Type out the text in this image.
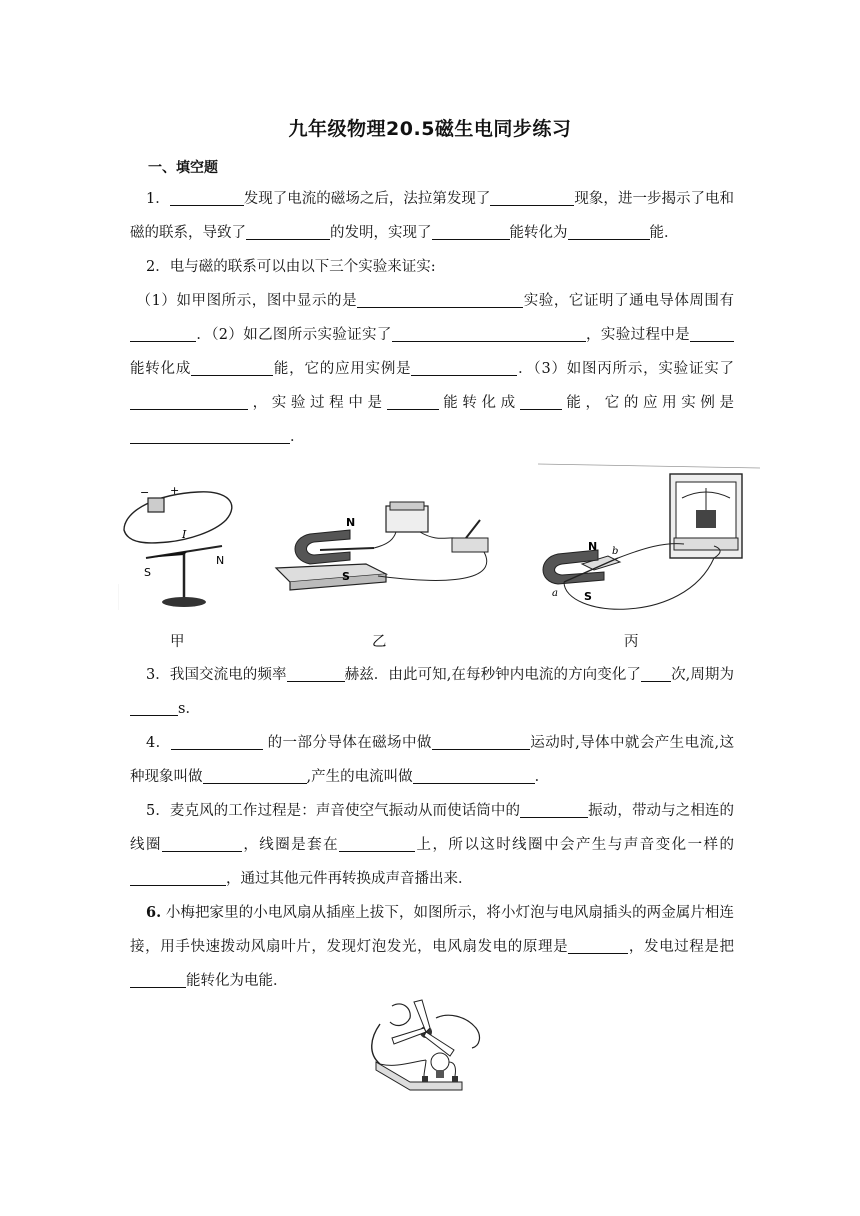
九年级物理20.5磁生电同步练习
一、填空题
1．	发现了电流的磁场之后，法拉第发现了	现象，进一步揭示了电和磁的联系，导致了	的发明，实现了	能转化为	能．
2．电与磁的联系可以由以下三个实验来证实:
（1）如甲图所示，图中显示的是	实验，它证明了通电导体周围有．（2）如乙图所示实验证实了	，实验过程中是能转化成	能，它的应用实例是	．（3）如图丙所示，实验证实了，实验过程中是	能转化成	能，它的应用实例是．
− +
I
S
N
N
S
N
S
a
b
甲	乙	丙
3．我国交流电的频率	赫兹．由此可知,在每秒钟内电流的方向变化了 次,周期为s．
4．	的一部分导体在磁场中做	运动时,导体中就会产生电流,这种现象叫做	,产生的电流叫做	．
5．麦克风的工作过程是：声音使空气振动从而使话筒中的	振动，带动与之相连的线圈	，线圈是套在	上，所以这时线圈中会产生与声音变化一样的，通过其他元件再转换成声音播出来．
6. 小梅把家里的小电风扇从插座上拔下，如图所示，将小灯泡与电风扇插头的两金属片相连接，用手快速拨动风扇叶片，发现灯泡发光，电风扇发电的原理是	，发电过程是把能转化为电能．
